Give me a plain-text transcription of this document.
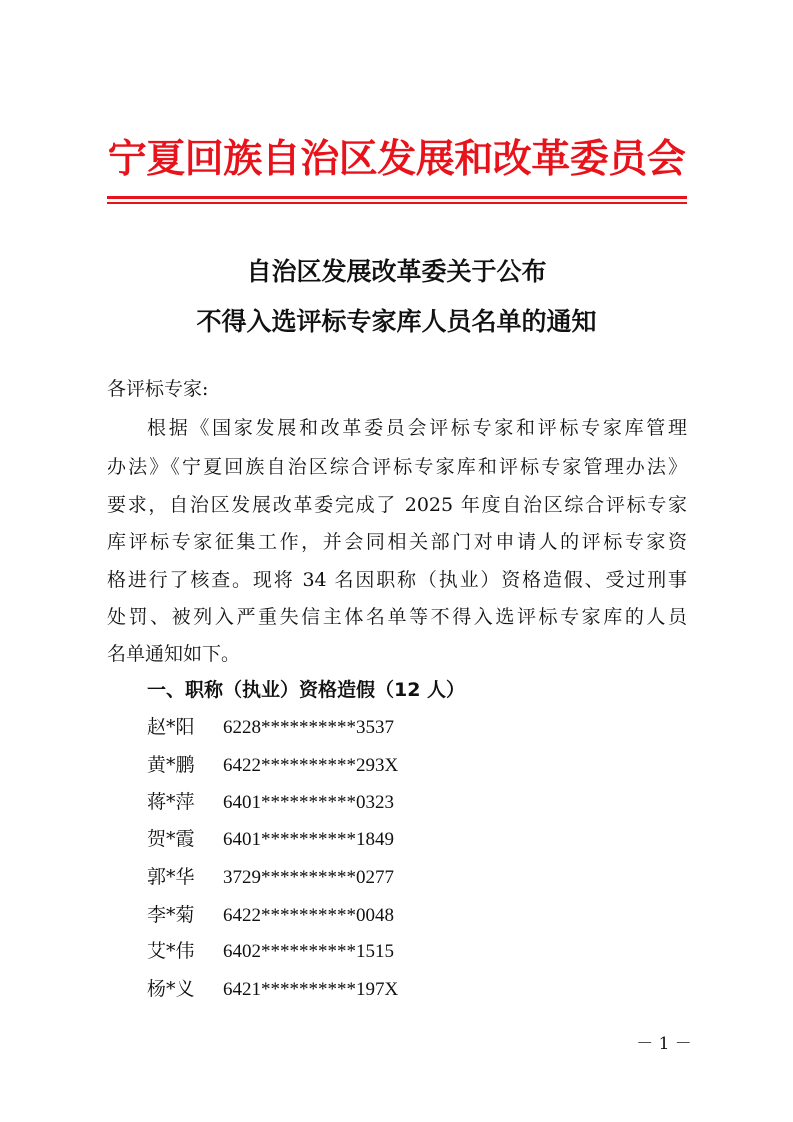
宁夏回族自治区发展和改革委员会
自治区发展改革委关于公布
不得入选评标专家库人员名单的通知
各评标专家:
根据《国家发展和改革委员会评标专家和评标专家库管理
办法》《宁夏回族自治区综合评标专家库和评标专家管理办法》
要求，自治区发展改革委完成了 2025 年度自治区综合评标专家
库评标专家征集工作，并会同相关部门对申请人的评标专家资
格进行了核查。现将 34 名因职称（执业）资格造假、受过刑事
处罚、被列入严重失信主体名单等不得入选评标专家库的人员
名单通知如下。
一、职称（执业）资格造假（12 人）
赵*阳 6228**********3537
黄*鹏 6422**********293X
蒋*萍 6401**********0323
贺*霞 6401**********1849
郭*华 3729**********0277
李*菊 6422**********0048
艾*伟 6402**********1515
杨*义 6421**********197X
－ 1 －
